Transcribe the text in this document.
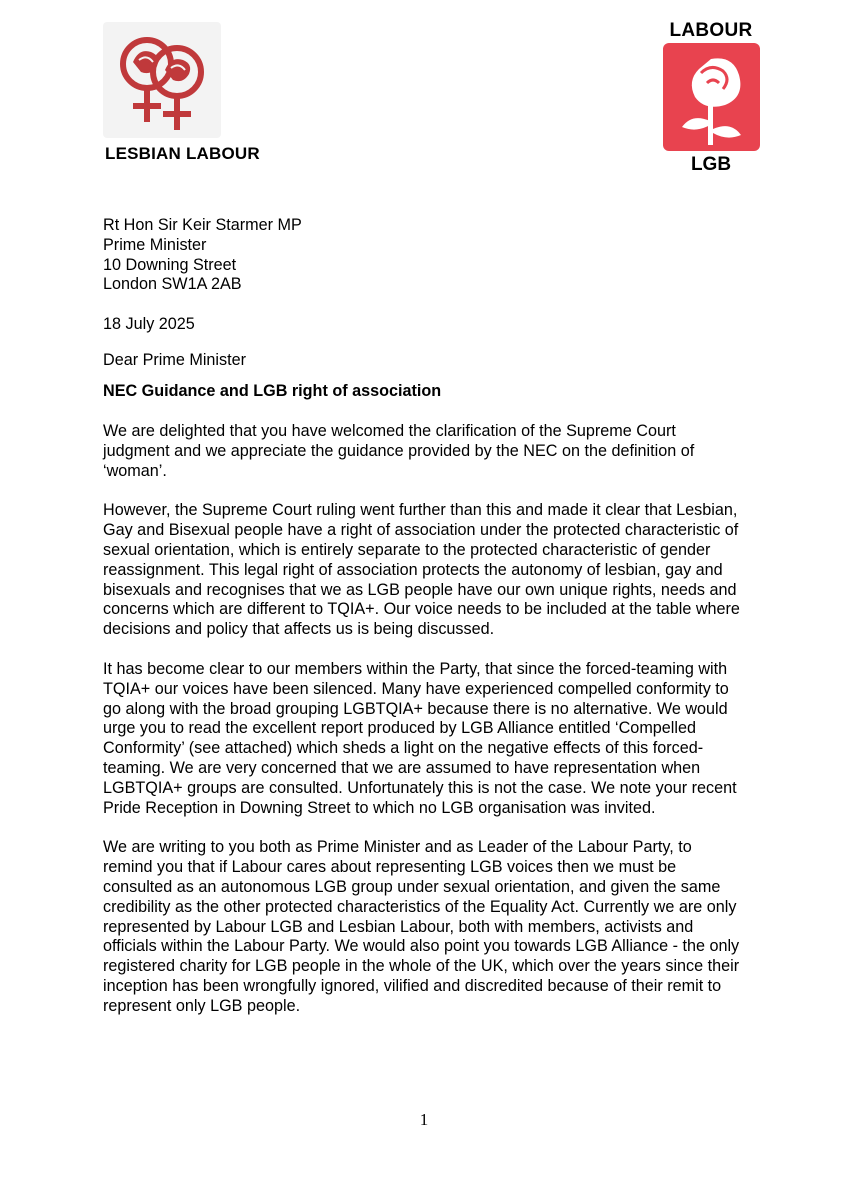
LESBIAN LABOUR
LABOUR
LGB
Rt Hon Sir Keir Starmer MP
Prime Minister
10 Downing Street
London SW1A 2AB
18 July 2025
Dear Prime Minister
NEC Guidance and LGB right of association

We are delighted that you have welcomed the clarification of the Supreme Court judgment and we appreciate the guidance provided by the NEC on the definition of ‘woman’.

However, the Supreme Court ruling went further than this and made it clear that Lesbian, Gay and Bisexual people have a right of association under the protected characteristic of sexual orientation, which is entirely separate to the protected characteristic of gender reassignment. This legal right of association protects the autonomy of lesbian, gay and bisexuals and recognises that we as LGB people have our own unique rights, needs and concerns which are different to TQIA+. Our voice needs to be included at the table where decisions and policy that affects us is being discussed.

It has become clear to our members within the Party, that since the forced-teaming with TQIA+ our voices have been silenced. Many have experienced compelled conformity to go along with the broad grouping LGBTQIA+ because there is no alternative. We would urge you to read the excellent report produced by LGB Alliance entitled ‘Compelled Conformity’ (see attached) which sheds a light on the negative effects of this forced-teaming. We are very concerned that we are assumed to have representation when LGBTQIA+ groups are consulted. Unfortunately this is not the case. We note your recent Pride Reception in Downing Street to which no LGB organisation was invited.

We are writing to you both as Prime Minister and as Leader of the Labour Party, to remind you that if Labour cares about representing LGB voices then we must be consulted as an autonomous LGB group under sexual orientation, and given the same credibility as the other protected characteristics of the Equality Act. Currently we are only represented by Labour LGB and Lesbian Labour, both with members, activists and officials within the Labour Party. We would also point you towards LGB Alliance - the only registered charity for LGB people in the whole of the UK, which over the years since their inception has been wrongfully ignored, vilified and discredited because of their remit to represent only LGB people.

1
